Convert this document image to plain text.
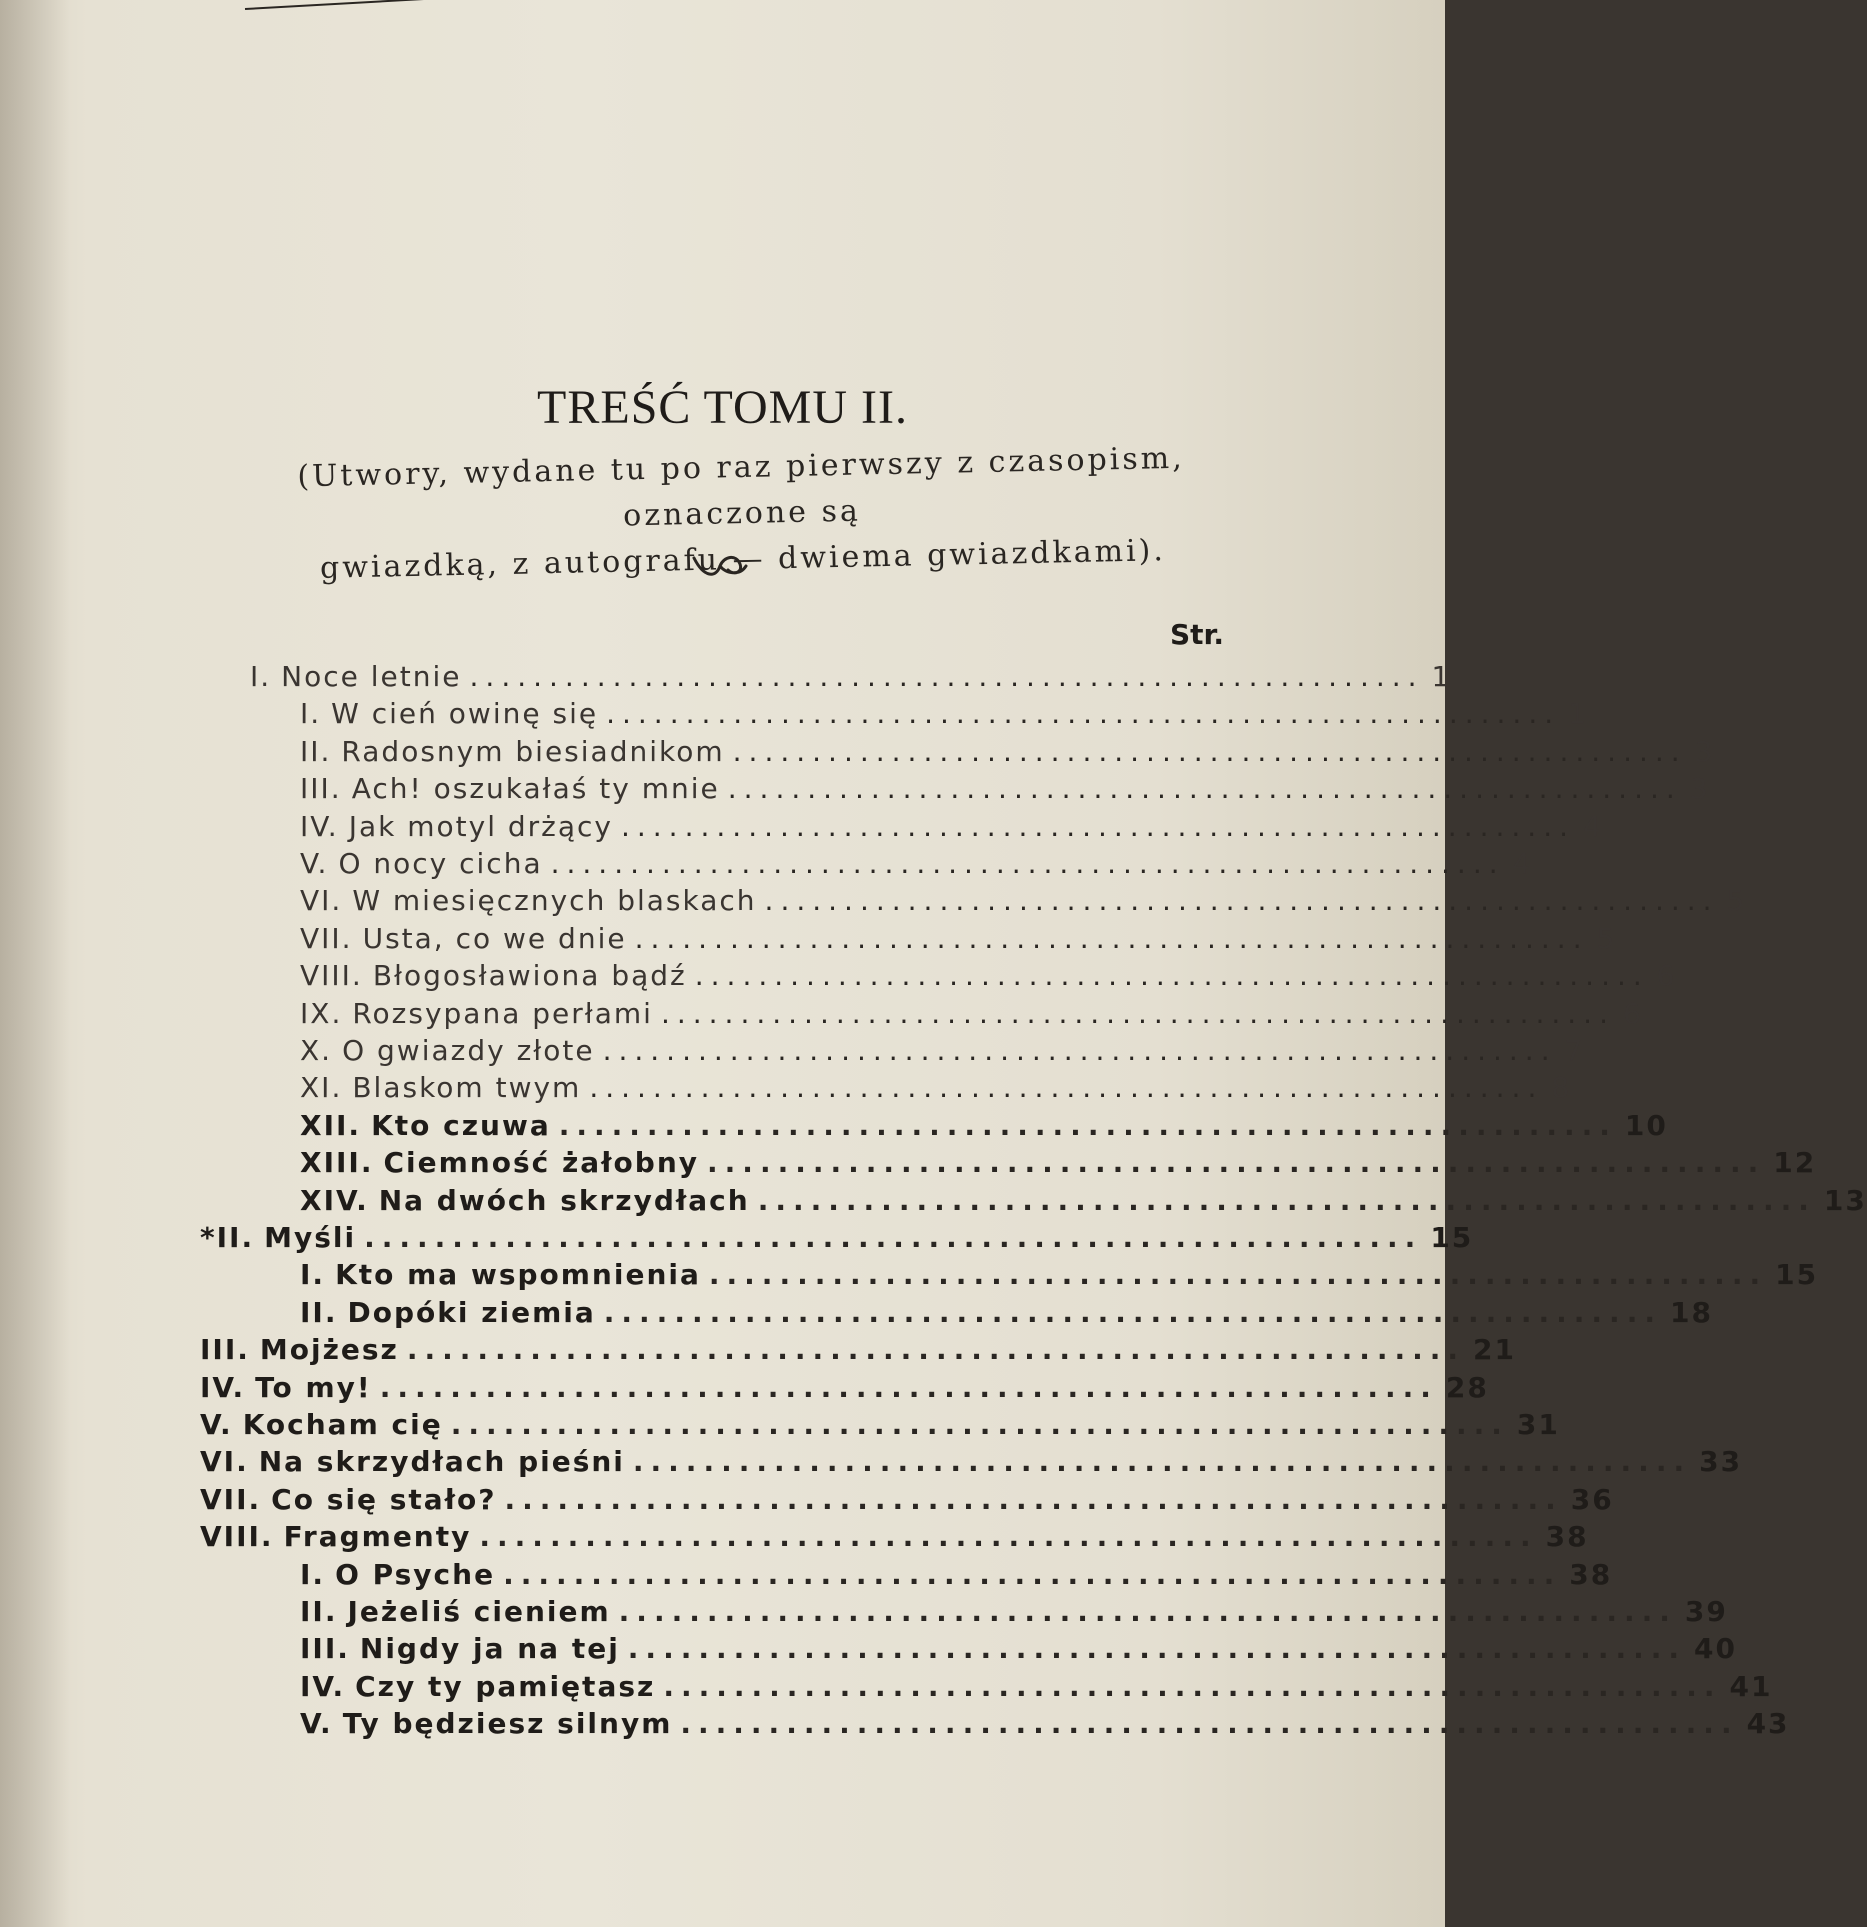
TREŚĆ TOMU II.
(Utwory, wydane tu po raz pierwszy z czasopism, oznaczone są
gwiazdką, z autografu — dwiema gwiazdkami).
Str.
I. Noce letnie ............................................................ 1
I. W cień owinę się ............................................................ 1
II. Radosnym biesiadnikom ............................................................ 3
III. Ach! oszukałaś ty mnie ............................................................ 3
IV. Jak motyl drżący ............................................................ 4
V. O nocy cicha ............................................................ 4
VI. W miesięcznych blaskach ............................................................ 5
VII. Usta, co we dnie ............................................................ 5
VIII. Błogosławiona bądź ............................................................ 6
IX. Rozsypana perłami ............................................................ 6
X. O gwiazdy złote ............................................................ 7
XI. Blaskom twym ............................................................ 8
XII. Kto czuwa ............................................................ 10
XIII. Ciemność żałobny ............................................................ 12
XIV. Na dwóch skrzydłach ............................................................ 13
*II. Myśli ............................................................ 15
I. Kto ma wspomnienia ............................................................ 15
II. Dopóki ziemia ............................................................ 18
III. Mojżesz ............................................................ 21
IV. To my! ............................................................ 28
V. Kocham cię ............................................................ 31
VI. Na skrzydłach pieśni ............................................................ 33
VII. Co się stało? ............................................................ 36
VIII. Fragmenty ............................................................ 38
I. O Psyche ............................................................ 38
II. Jeżeliś cieniem ............................................................ 39
III. Nigdy ja na tej ............................................................ 40
IV. Czy ty pamiętasz ............................................................ 41
V. Ty będziesz silnym ............................................................ 43
